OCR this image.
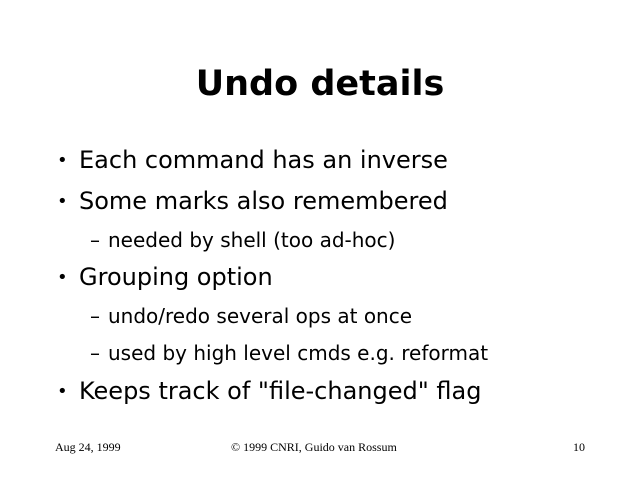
Undo details
• Each command has an inverse
• Some marks also remembered
– needed by shell (too ad-hoc)
• Grouping option
– undo/redo several ops at once
– used by high level cmds e.g. reformat
• Keeps track of "file-changed" flag
Aug 24, 1999	© 1999 CNRI, Guido van Rossum	10
